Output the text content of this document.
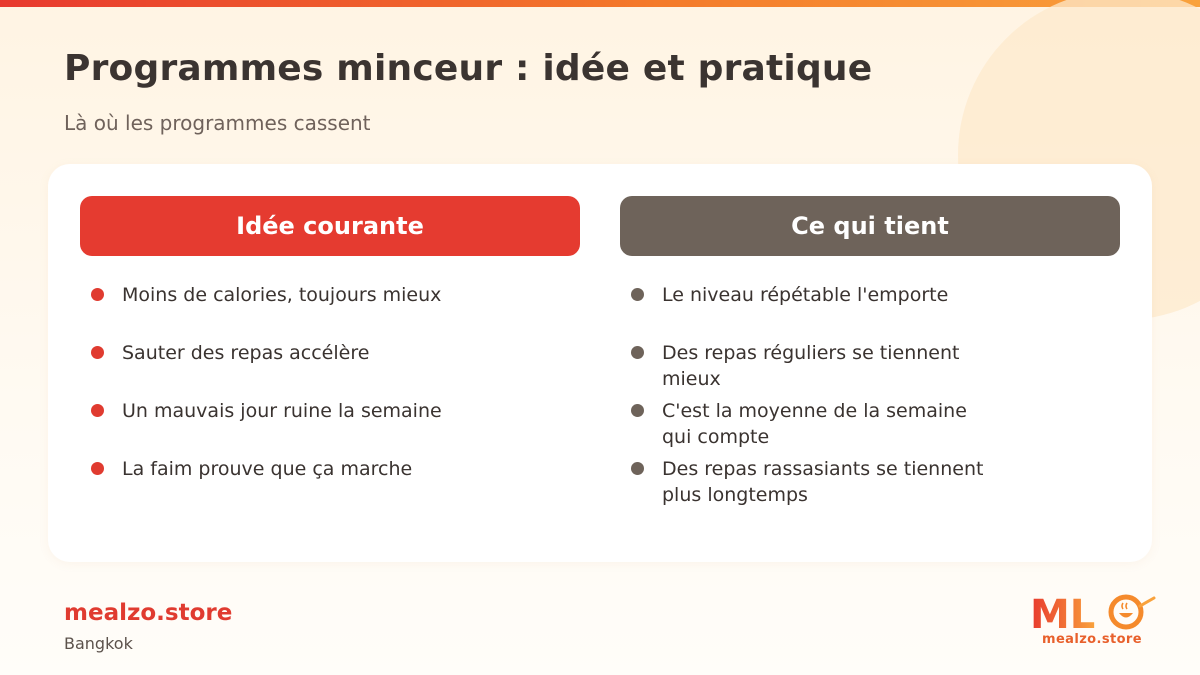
Programmes minceur : idée et pratique
Là où les programmes cassent
Idée courante	Ce qui tient
Moins de calories, toujours mieux
Sauter des repas accélère
Un mauvais jour ruine la semaine
La faim prouve que ça marche
Le niveau répétable l'emporte
Des repas réguliers se tiennent mieux
C'est la moyenne de la semaine qui compte
Des repas rassasiants se tiennent plus longtemps
mealzo.store
Bangkok
ML
mealzo.store
